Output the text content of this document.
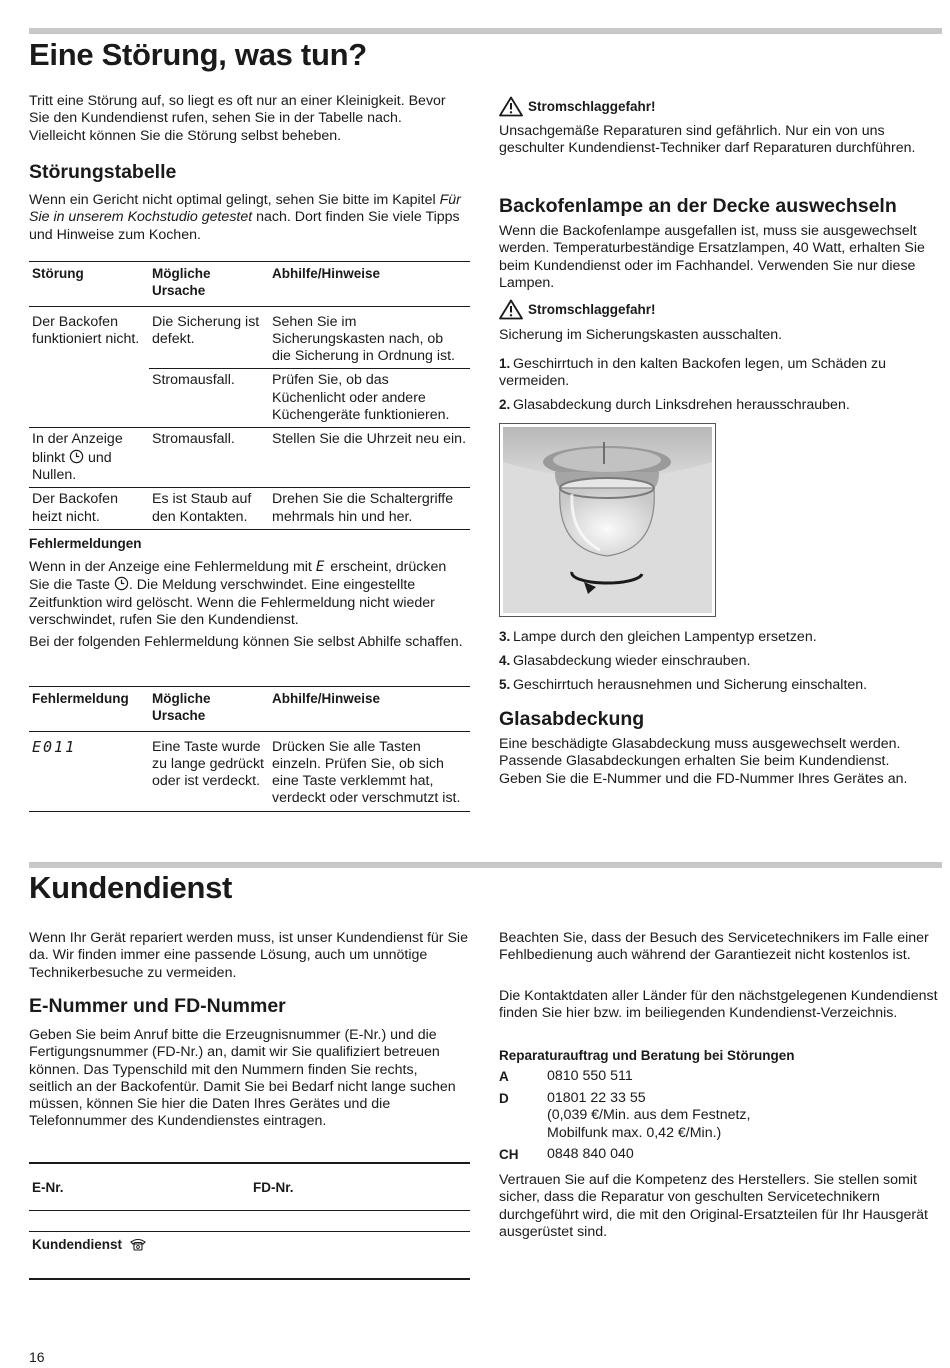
Eine Störung, was tun?

Tritt eine Störung auf, so liegt es oft nur an einer Kleinigkeit. Bevor Sie den Kundendienst rufen, sehen Sie in der Tabelle nach. Vielleicht können Sie die Störung selbst beheben.

Störungstabelle

Wenn ein Gericht nicht optimal gelingt, sehen Sie bitte im Kapitel Für Sie in unserem Kochstudio getestet nach. Dort finden Sie viele Tipps und Hinweise zum Kochen.

Störung	Mögliche Ursache	Abhilfe/Hinweise
Der Backofen funktioniert nicht.	Die Sicherung ist defekt.	Sehen Sie im Sicherungskasten nach, ob die Sicherung in Ordnung ist.
	Stromausfall.	Prüfen Sie, ob das Küchenlicht oder andere Küchengeräte funktionieren.
In der Anzeige blinkt  und Nullen.	Stromausfall.	Stellen Sie die Uhrzeit neu ein.
Der Backofen heizt nicht.	Es ist Staub auf den Kontakten.	Drehen Sie die Schaltergriffe mehrmals hin und her.
Fehlermeldungen

Wenn in der Anzeige eine Fehlermeldung mit E erscheint, drücken Sie die Taste . Die Meldung verschwindet. Eine eingestellte Zeitfunktion wird gelöscht. Wenn die Fehlermeldung nicht wieder verschwindet, rufen Sie den Kundendienst.

Bei der folgenden Fehlermeldung können Sie selbst Abhilfe schaffen.

Fehlermeldung	Mögliche Ursache	Abhilfe/Hinweise
E011	Eine Taste wurde zu lange gedrückt oder ist verdeckt.	Drücken Sie alle Tasten einzeln. Prüfen Sie, ob sich eine Taste verklemmt hat, verdeckt oder verschmutzt ist.
Stromschlaggefahr!

Unsachgemäße Reparaturen sind gefährlich. Nur ein von uns geschulter Kundendienst-Techniker darf Reparaturen durchführen.

Backofenlampe an der Decke auswechseln

Wenn die Backofenlampe ausgefallen ist, muss sie ausgewechselt werden. Temperaturbeständige Ersatzlampen, 40 Watt, erhalten Sie beim Kundendienst oder im Fachhandel. Verwenden Sie nur diese Lampen.

Stromschlaggefahr!

Sicherung im Sicherungskasten ausschalten.

1. Geschirrtuch in den kalten Backofen legen, um Schäden zu vermeiden.
2. Glasabdeckung durch Linksdrehen herausschrauben.
3. Lampe durch den gleichen Lampentyp ersetzen.
4. Glasabdeckung wieder einschrauben.
5. Geschirrtuch herausnehmen und Sicherung einschalten.
Glasabdeckung

Eine beschädigte Glasabdeckung muss ausgewechselt werden. Passende Glasabdeckungen erhalten Sie beim Kundendienst. Geben Sie die E-Nummer und die FD-Nummer Ihres Gerätes an.

Kundendienst

Wenn Ihr Gerät repariert werden muss, ist unser Kundendienst für Sie da. Wir finden immer eine passende Lösung, auch um unnötige Technikerbesuche zu vermeiden.

E-Nummer und FD-Nummer

Geben Sie beim Anruf bitte die Erzeugnisnummer (E-Nr.) und die Fertigungsnummer (FD-Nr.) an, damit wir Sie qualifiziert betreuen können. Das Typenschild mit den Nummern finden Sie rechts, seitlich an der Backofentür. Damit Sie bei Bedarf nicht lange suchen müssen, können Sie hier die Daten Ihres Gerätes und die Telefonnummer des Kundendienstes eintragen.

E-Nr.	FD-Nr.
Kundendienst

Beachten Sie, dass der Besuch des Servicetechnikers im Falle einer Fehlbedienung auch während der Garantiezeit nicht kostenlos ist.

Die Kontaktdaten aller Länder für den nächstgelegenen Kundendienst finden Sie hier bzw. im beiliegenden Kundendienst-Verzeichnis.

Reparaturauftrag und Beratung bei Störungen
A	0810 550 511
D	01801 22 33 55
(0,039 €/Min. aus dem Festnetz,
Mobilfunk max. 0,42 €/Min.)
CH 0848 840 040

Vertrauen Sie auf die Kompetenz des Herstellers. Sie stellen somit sicher, dass die Reparatur von geschulten Servicetechnikern durchgeführt wird, die mit den Original-Ersatzteilen für Ihr Hausgerät ausgerüstet sind.

16
